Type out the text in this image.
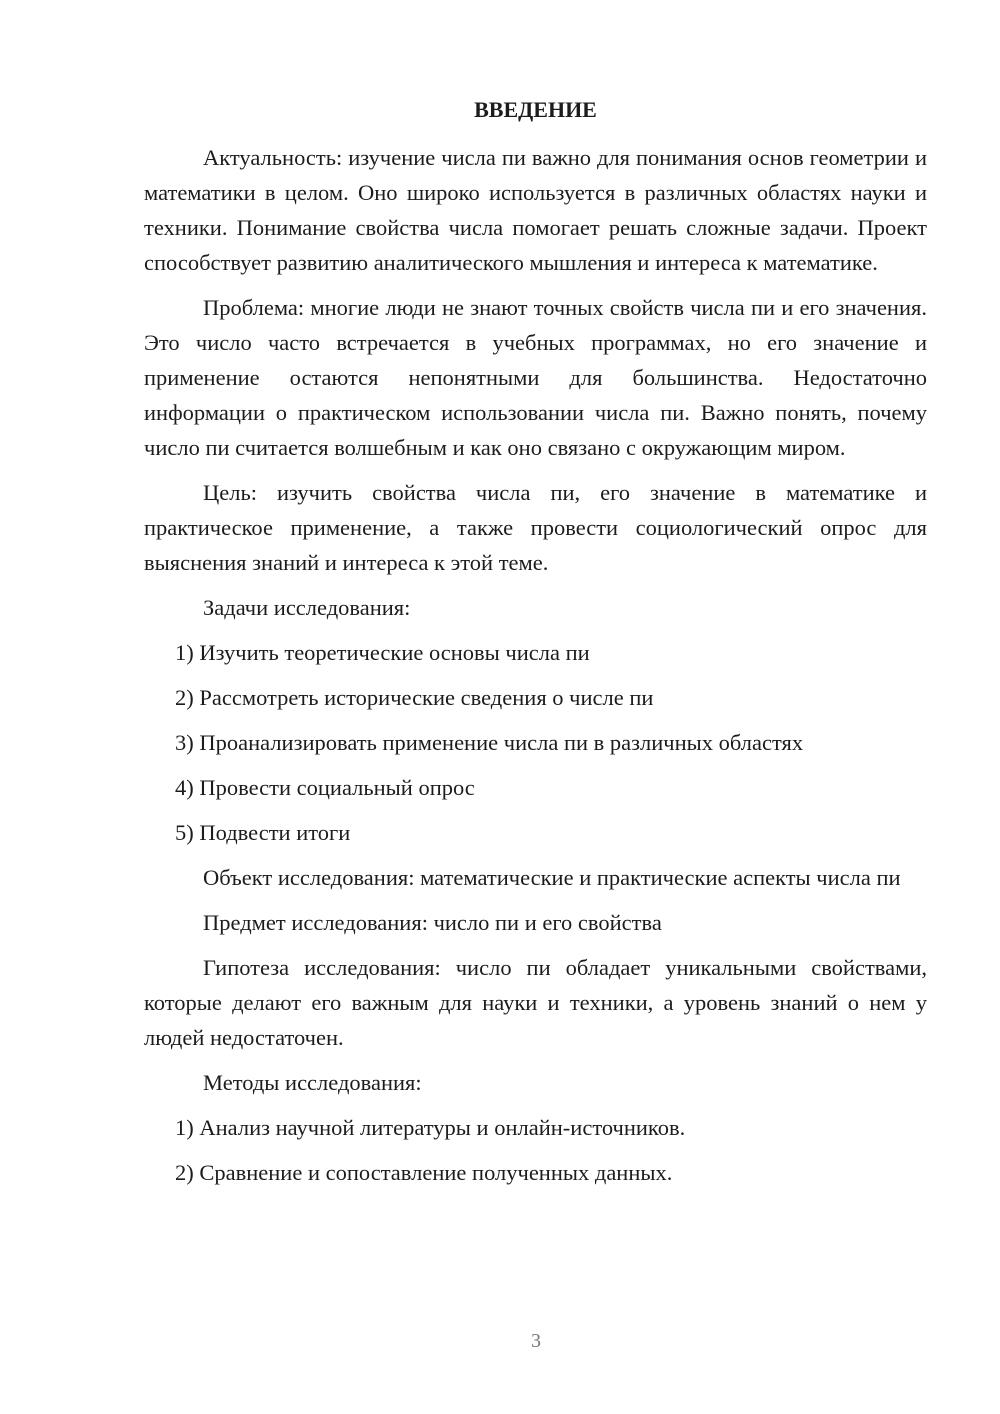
ВВЕДЕНИЕ

Актуальность: изучение числа пи важно для понимания основ геометрии и математики в целом. Оно широко используется в различных областях науки и техники. Понимание свойства числа помогает решать сложные задачи. Проект способствует развитию аналитического мышления и интереса к математике.

Проблема: многие люди не знают точных свойств числа пи и его значения. Это число часто встречается в учебных программах, но его значение и применение остаются непонятными для большинства. Недостаточно информации о практическом использовании числа пи. Важно понять, почему число пи считается волшебным и как оно связано с окружающим миром.

Цель: изучить свойства числа пи, его значение в математике и практическое применение, а также провести социологический опрос для выяснения знаний и интереса к этой теме.

Задачи исследования:
1) Изучить теоретические основы числа пи
2) Рассмотреть исторические сведения о числе пи
3) Проанализировать применение числа пи в различных областях
4) Провести социальный опрос
5) Подвести итоги

Объект исследования: математические и практические аспекты числа пи

Предмет исследования: число пи и его свойства

Гипотеза исследования: число пи обладает уникальными свойствами, которые делают его важным для науки и техники, а уровень знаний о нем у людей недостаточен.

Методы исследования:
1) Анализ научной литературы и онлайн-источников.
2) Сравнение и сопоставление полученных данных.
3
